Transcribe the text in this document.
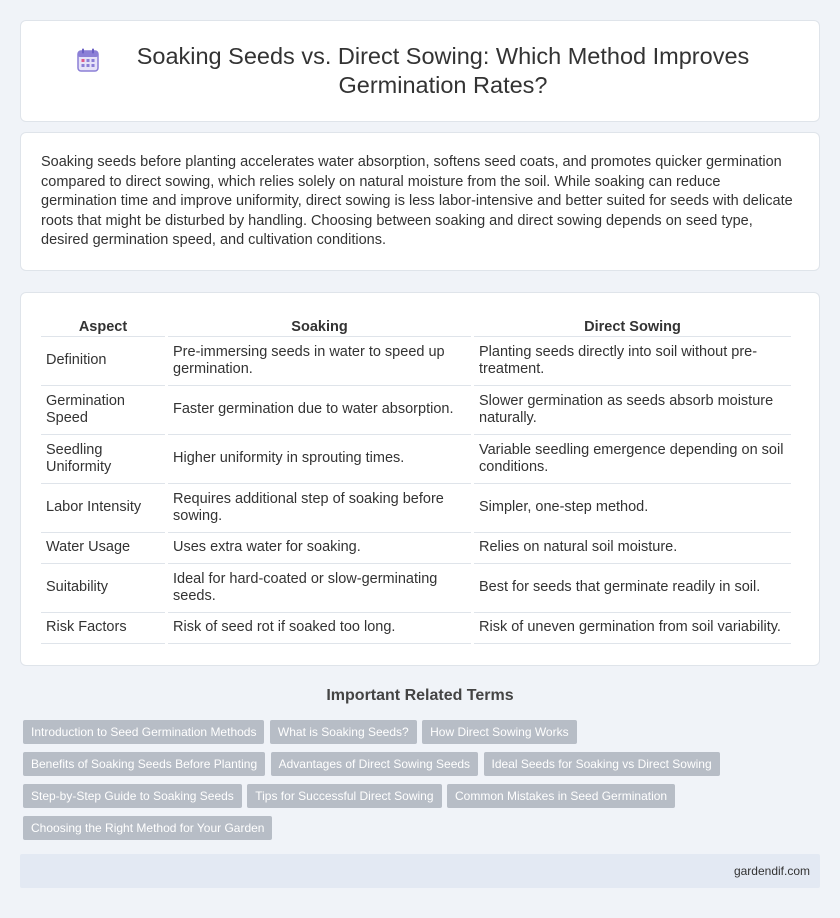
Soaking Seeds vs. Direct Sowing: Which Method Improves Germination Rates?

Soaking seeds before planting accelerates water absorption, softens seed coats, and promotes quicker germination compared to direct sowing, which relies solely on natural moisture from the soil. While soaking can reduce germination time and improve uniformity, direct sowing is less labor-intensive and better suited for seeds with delicate roots that might be disturbed by handling. Choosing between soaking and direct sowing depends on seed type, desired germination speed, and cultivation conditions.

Aspect	Soaking	Direct Sowing
Definition	Pre-immersing seeds in water to speed up germination.	Planting seeds directly into soil without pre-treatment.
Germination Speed	Faster germination due to water absorption.	Slower germination as seeds absorb moisture naturally.
Seedling Uniformity	Higher uniformity in sprouting times.	Variable seedling emergence depending on soil conditions.
Labor Intensity	Requires additional step of soaking before sowing.	Simpler, one-step method.
Water Usage	Uses extra water for soaking.	Relies on natural soil moisture.
Suitability	Ideal for hard-coated or slow-germinating seeds.	Best for seeds that germinate readily in soil.
Risk Factors	Risk of seed rot if soaked too long.	Risk of uneven germination from soil variability.
Important Related Terms
Introduction to Seed Germination Methods What is Soaking Seeds? How Direct Sowing Works Benefits of Soaking Seeds Before Planting Advantages of Direct Sowing Seeds Ideal Seeds for Soaking vs Direct Sowing Step-by-Step Guide to Soaking Seeds Tips for Successful Direct Sowing Common Mistakes in Seed Germination Choosing the Right Method for Your Garden
gardendif.com
